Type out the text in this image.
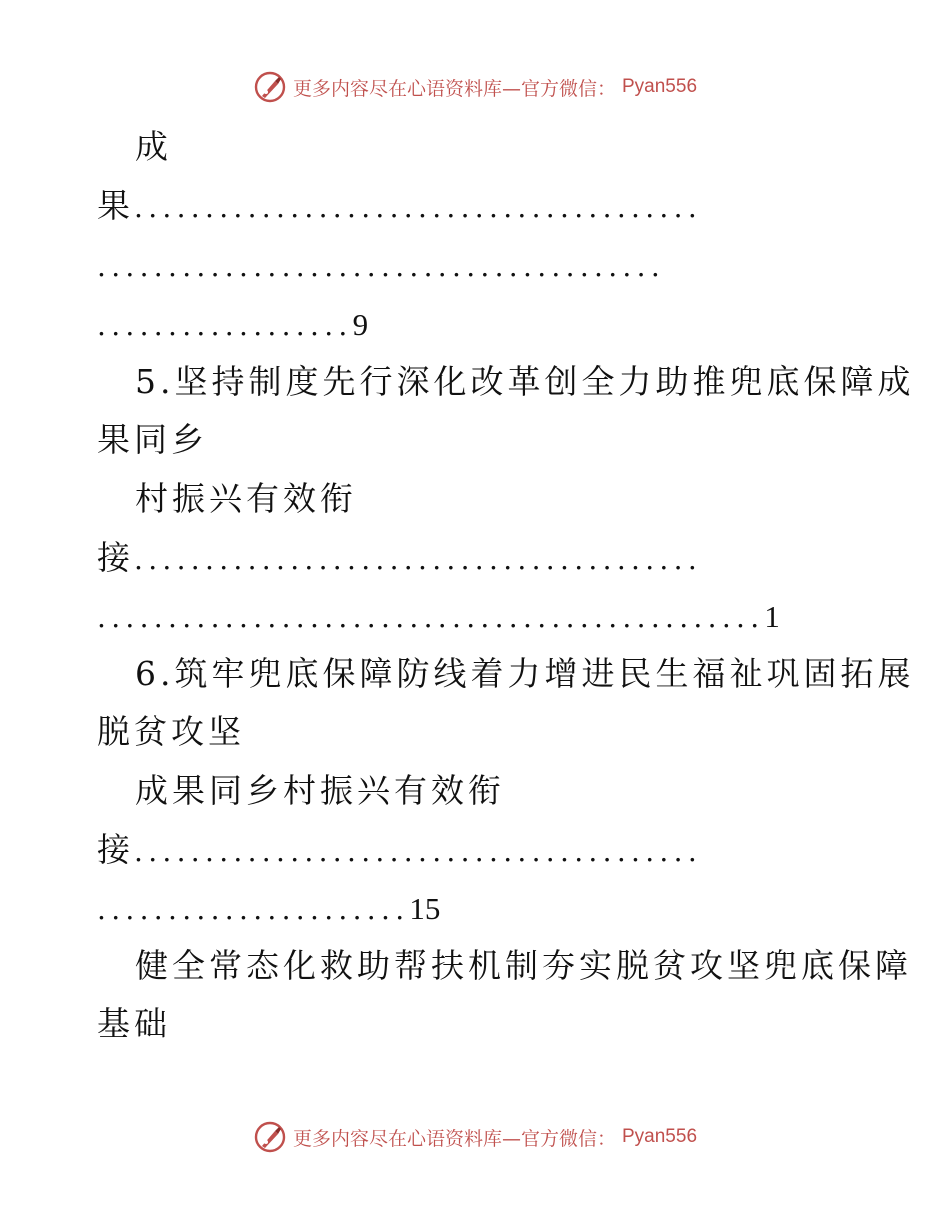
更多内容尽在心语资料库—官方微信： Pyan556
成
果........................................
........................................
..................9
5.坚持制度先行深化改革创全力助推兜底保障成
果同乡
村振兴有效衔
接........................................
...............................................1
6.筑牢兜底保障防线着力增进民生福祉巩固拓展
脱贫攻坚
成果同乡村振兴有效衔
接........................................
......................15
健全常态化救助帮扶机制夯实脱贫攻坚兜底保障
基础
更多内容尽在心语资料库—官方微信： Pyan556
